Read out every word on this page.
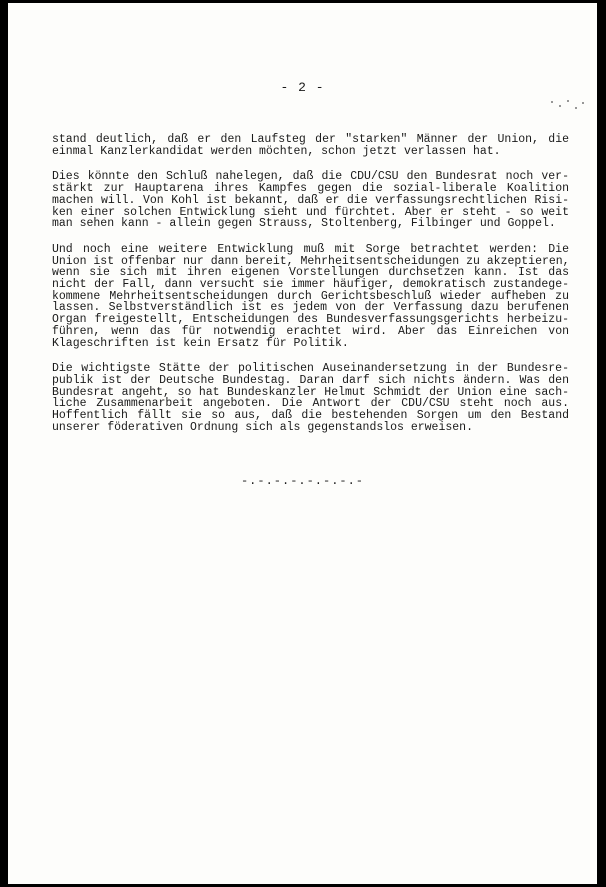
- 2 -
stand deutlich, daß er den Laufsteg der "starken" Männer der Union, die
einmal Kanzlerkandidat werden möchten, schon jetzt verlassen hat.
Dies könnte den Schluß nahelegen, daß die CDU/CSU den Bundesrat noch ver-
stärkt zur Hauptarena ihres Kampfes gegen die sozial-liberale Koalition
machen will. Von Kohl ist bekannt, daß er die verfassungsrechtlichen Risi-
ken einer solchen Entwicklung sieht und fürchtet. Aber er steht - so weit
man sehen kann - allein gegen Strauss, Stoltenberg, Filbinger und Goppel.
Und noch eine weitere Entwicklung muß mit Sorge betrachtet werden: Die
Union ist offenbar nur dann bereit, Mehrheitsentscheidungen zu akzeptieren,
wenn sie sich mit ihren eigenen Vorstellungen durchsetzen kann. Ist das
nicht der Fall, dann versucht sie immer häufiger, demokratisch zustandege-
kommene Mehrheitsentscheidungen durch Gerichtsbeschluß wieder aufheben zu
lassen. Selbstverständlich ist es jedem von der Verfassung dazu berufenen
Organ freigestellt, Entscheidungen des Bundesverfassungsgerichts herbeizu-
führen, wenn das für notwendig erachtet wird. Aber das Einreichen von
Klageschriften ist kein Ersatz für Politik.
Die wichtigste Stätte der politischen Auseinandersetzung in der Bundesre-
publik ist der Deutsche Bundestag. Daran darf sich nichts ändern. Was den
Bundesrat angeht, so hat Bundeskanzler Helmut Schmidt der Union eine sach-
liche Zusammenarbeit angeboten. Die Antwort der CDU/CSU steht noch aus.
Hoffentlich fällt sie so aus, daß die bestehenden Sorgen um den Bestand
unserer föderativen Ordnung sich als gegenstandslos erweisen.
-.-.-.-.-.-.-.-
